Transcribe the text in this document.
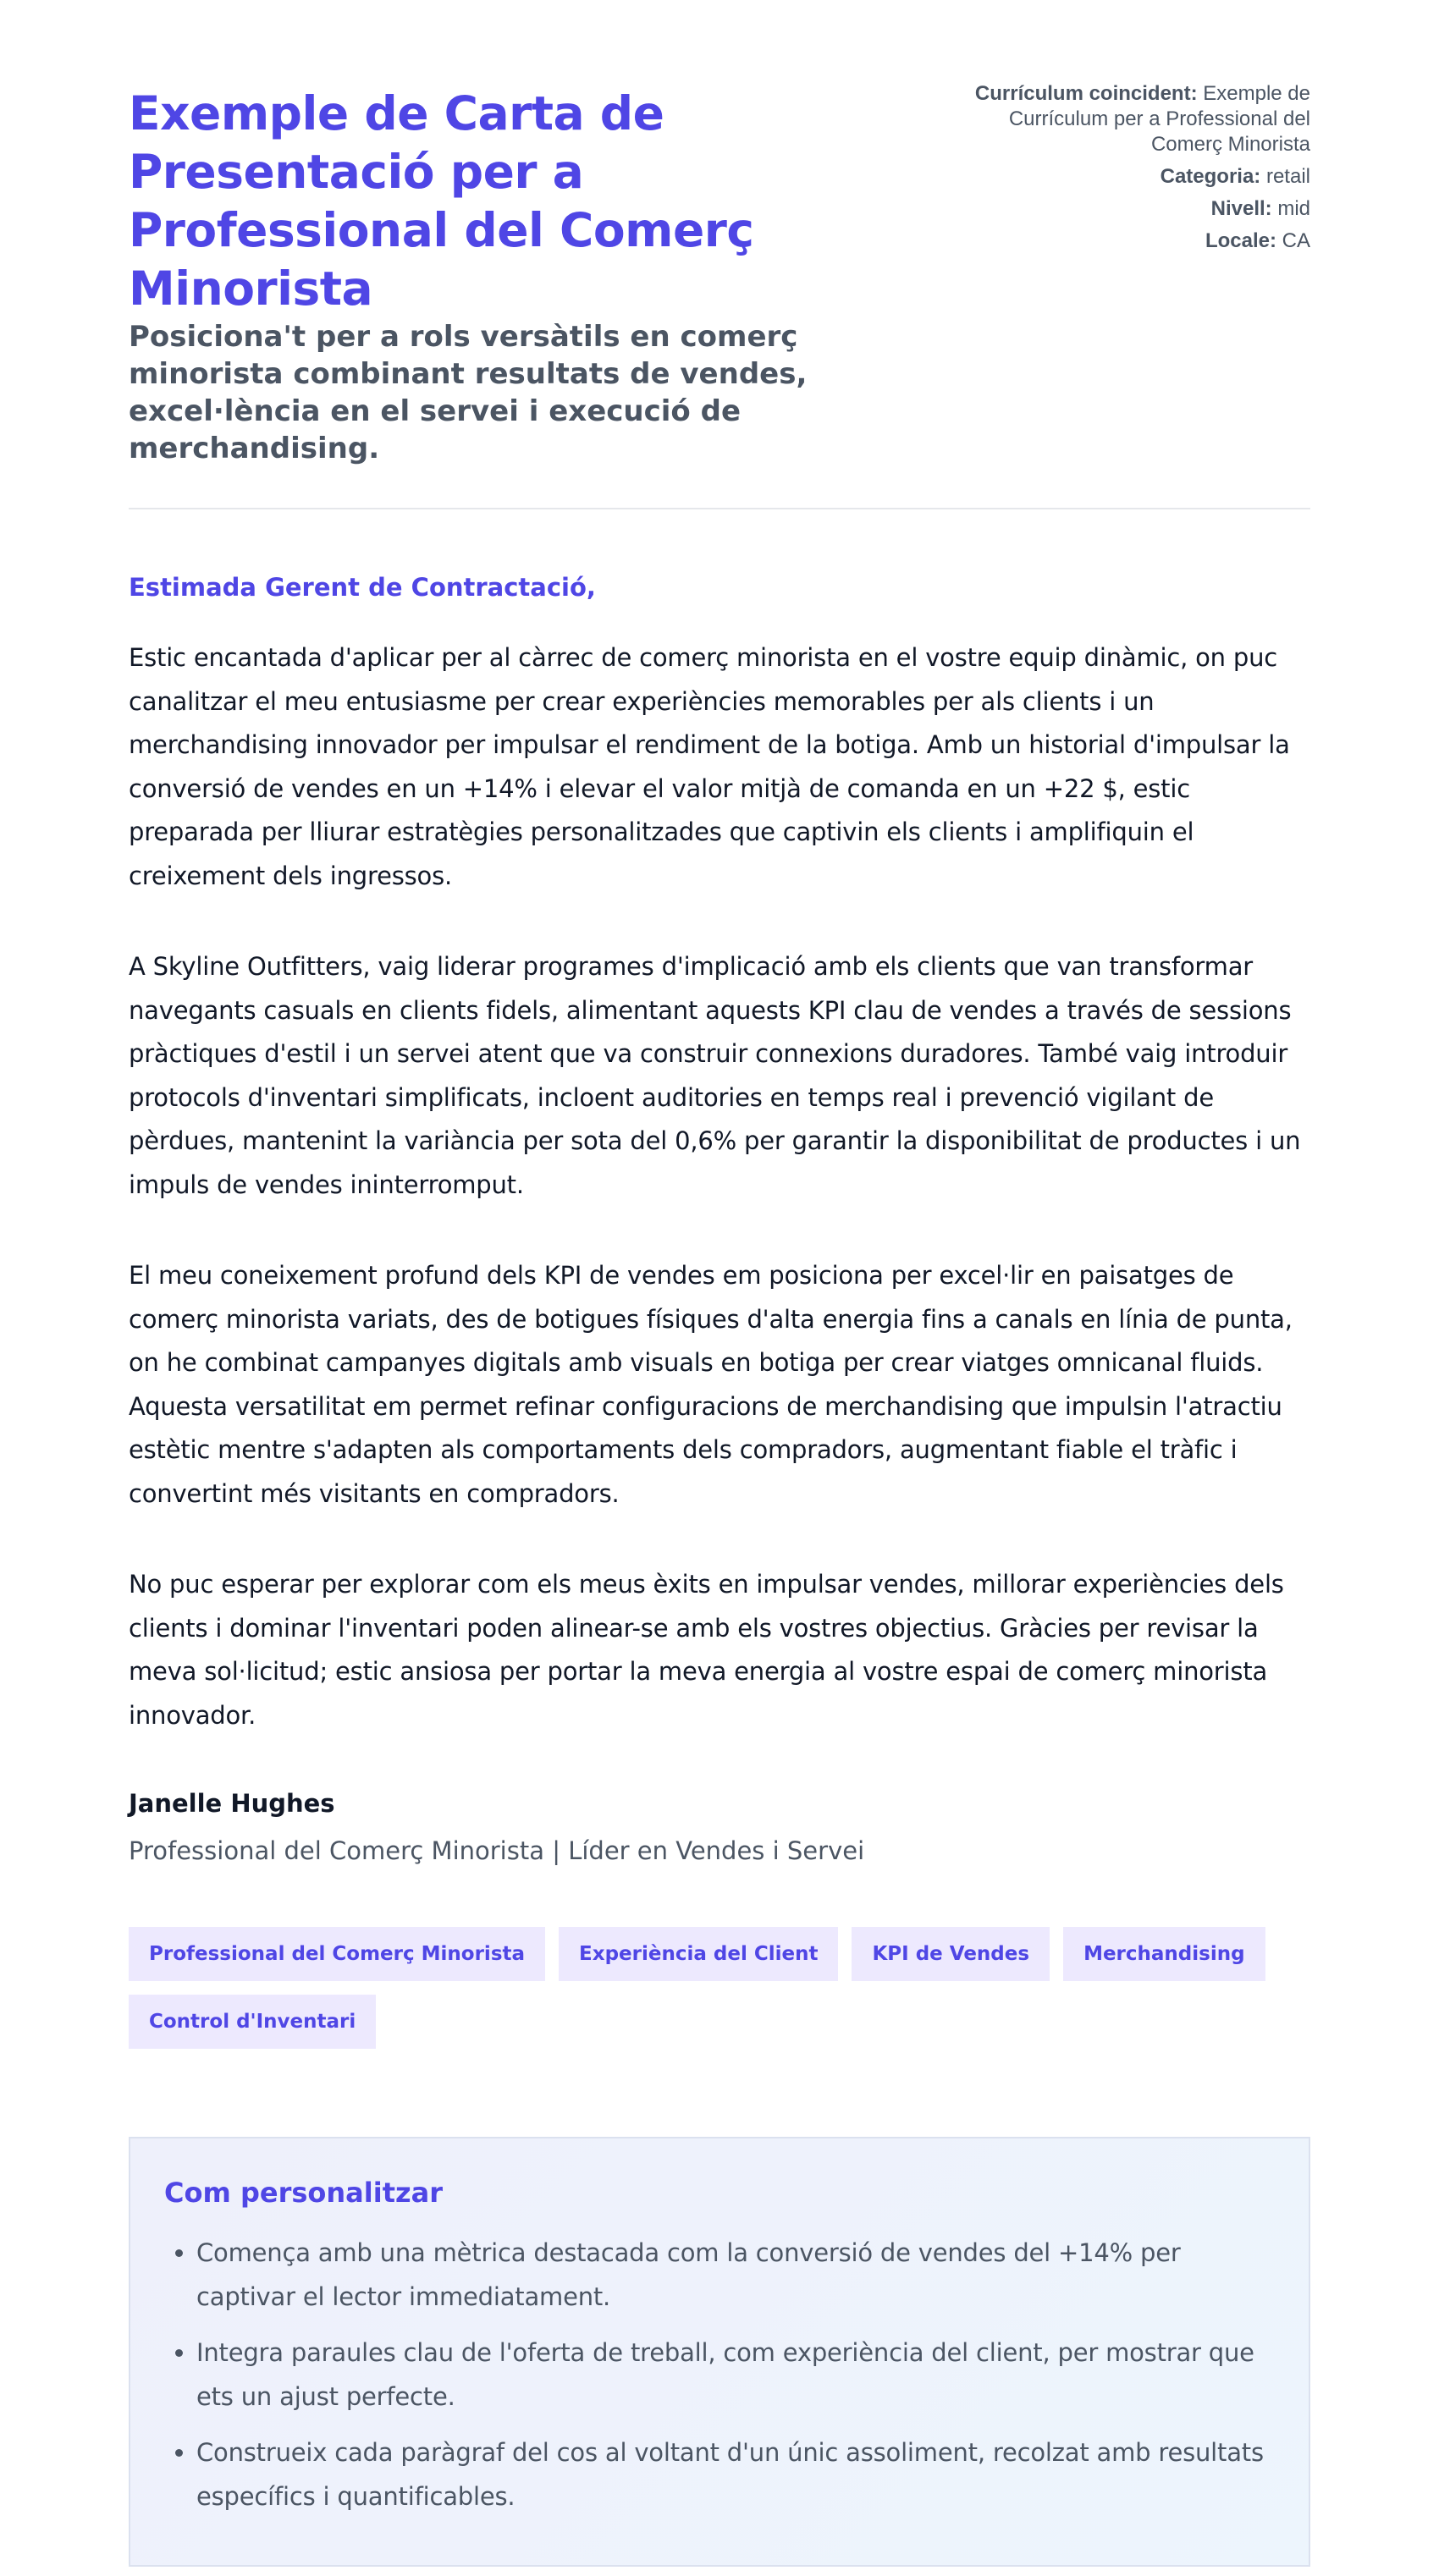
Exemple de Carta de Presentació per a Professional del Comerç Minorista
Posiciona't per a rols versàtils en comerç minorista combinant resultats de vendes, excel·lència en el servei i execució de merchandising.
Currículum coincident: Exemple de Currículum per a Professional del Comerç Minorista
Categoria: retail
Nivell: mid
Locale: CA

Estimada Gerent de Contractació,

Estic encantada d'aplicar per al càrrec de comerç minorista en el vostre equip dinàmic, on puc canalitzar el meu entusiasme per crear experiències memorables per als clients i un merchandising innovador per impulsar el rendiment de la botiga. Amb un historial d'impulsar la conversió de vendes en un +14% i elevar el valor mitjà de comanda en un +22 $, estic preparada per lliurar estratègies personalitzades que captivin els clients i amplifiquin el creixement dels ingressos.

A Skyline Outfitters, vaig liderar programes d'implicació amb els clients que van transformar navegants casuals en clients fidels, alimentant aquests KPI clau de vendes a través de sessions pràctiques d'estil i un servei atent que va construir connexions duradores. També vaig introduir protocols d'inventari simplificats, incloent auditories en temps real i prevenció vigilant de pèrdues, mantenint la variància per sota del 0,6% per garantir la disponibilitat de productes i un impuls de vendes ininterromput.

El meu coneixement profund dels KPI de vendes em posiciona per excel·lir en paisatges de comerç minorista variats, des de botigues físiques d'alta energia fins a canals en línia de punta, on he combinat campanyes digitals amb visuals en botiga per crear viatges omnicanal fluids. Aquesta versatilitat em permet refinar configuracions de merchandising que impulsin l'atractiu estètic mentre s'adapten als comportaments dels compradors, augmentant fiable el tràfic i convertint més visitants en compradors.

No puc esperar per explorar com els meus èxits en impulsar vendes, millorar experiències dels clients i dominar l'inventari poden alinear-se amb els vostres objectius. Gràcies per revisar la meva sol·licitud; estic ansiosa per portar la meva energia al vostre espai de comerç minorista innovador.

Janelle Hughes

Professional del Comerç Minorista | Líder en Vendes i Servei

Professional del Comerç Minorista	Experiència del Client	KPI de Vendes	Merchandising
Control d'Inventari
Com personalitzar
• Comença amb una mètrica destacada com la conversió de vendes del +14% per captivar el lector immediatament.
• Integra paraules clau de l'oferta de treball, com experiència del client, per mostrar que ets un ajust perfecte.
• Construeix cada paràgraf del cos al voltant d'un únic assoliment, recolzat amb resultats específics i quantificables.
